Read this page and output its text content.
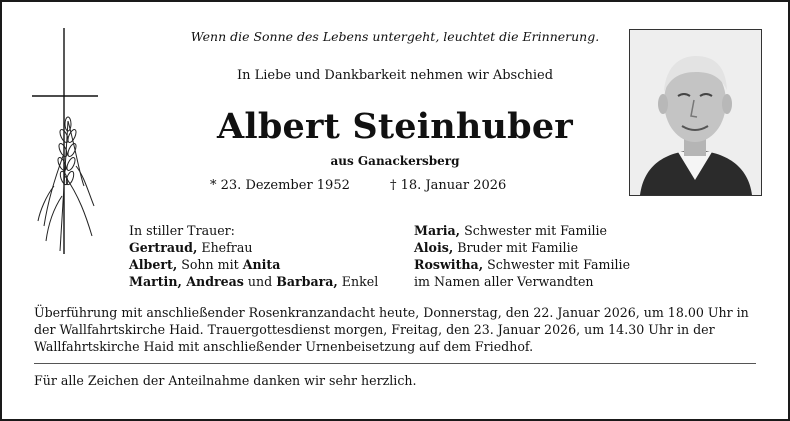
Wenn die Sonne des Lebens untergeht, leuchtet die Erinnerung.
In Liebe und Dankbarkeit nehmen wir Abschied
Albert Steinhuber
aus Ganackersberg
* 23. Dezember 1952	† 18. Januar 2026
In stiller Trauer:
Gertraud, Ehefrau
Albert, Sohn mit Anita
Martin, Andreas und Barbara, Enkel
Maria, Schwester mit Familie
Alois, Bruder mit Familie
Roswitha, Schwester mit Familie
im Namen aller Verwandten
Überführung mit anschließender Rosenkranzandacht heute, Donnerstag, den 22. Januar 2026, um 18.00 Uhr in der Wallfahrtskirche Haid. Trauergottesdienst morgen, Freitag, den 23. Januar 2026, um 14.30 Uhr in der Wallfahrtskirche Haid mit anschließender Urnenbeisetzung auf dem Friedhof.
Für alle Zeichen der Anteilnahme danken wir sehr herzlich.
